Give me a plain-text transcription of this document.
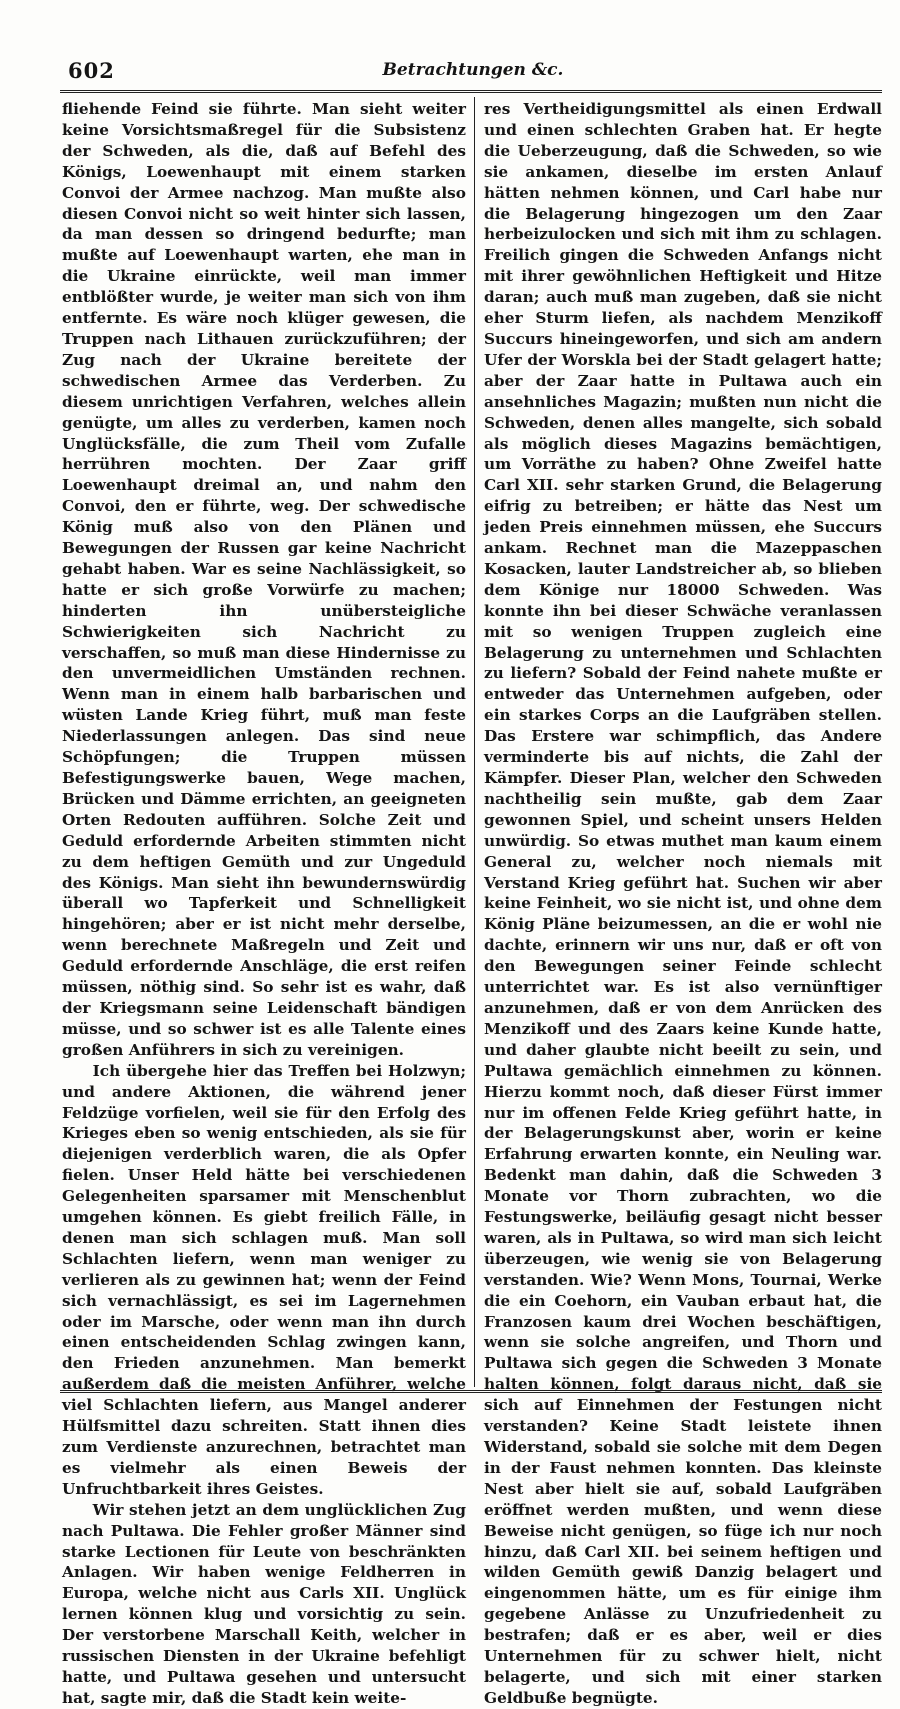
602	Betrachtungen &c.

fliehende Feind sie führte. Man sieht weiter keine Vorsichtsmaßregel für die Subsistenz der Schweden, als die, daß auf Befehl des Königs, Loewenhaupt mit einem starken Convoi der Armee nachzog. Man mußte also diesen Convoi nicht so weit hinter sich lassen, da man dessen so dringend bedurfte; man mußte auf Loewenhaupt warten, ehe man in die Ukraine einrückte, weil man immer entblößter wurde, je weiter man sich von ihm entfernte. Es wäre noch klüger gewesen, die Truppen nach Lithauen zurückzuführen; der Zug nach der Ukraine bereitete der schwedischen Armee das Verderben. Zu diesem unrichtigen Verfahren, welches allein genügte, um alles zu verderben, kamen noch Unglücksfälle, die zum Theil vom Zufalle herrühren mochten. Der Zaar griff Loewenhaupt dreimal an, und nahm den Convoi, den er führte, weg. Der schwedische König muß also von den Plänen und Bewegungen der Russen gar keine Nachricht gehabt haben. War es seine Nachlässigkeit, so hatte er sich große Vorwürfe zu machen; hinderten ihn unübersteigliche Schwierigkeiten sich Nachricht zu verschaffen, so muß man diese Hindernisse zu den unvermeidlichen Umständen rechnen. Wenn man in einem halb barbarischen und wüsten Lande Krieg führt, muß man feste Niederlassungen anlegen. Das sind neue Schöpfungen; die Truppen müssen Befestigungswerke bauen, Wege machen, Brücken und Dämme errichten, an geeigneten Orten Redouten aufführen. Solche Zeit und Geduld erfordernde Arbeiten stimmten nicht zu dem heftigen Gemüth und zur Ungeduld des Königs. Man sieht ihn bewundernswürdig überall wo Tapferkeit und Schnelligkeit hingehören; aber er ist nicht mehr derselbe, wenn berechnete Maßregeln und Zeit und Geduld erfordernde Anschläge, die erst reifen müssen, nöthig sind. So sehr ist es wahr, daß der Kriegsmann seine Leidenschaft bändigen müsse, und so schwer ist es alle Talente eines großen Anführers in sich zu vereinigen.

Ich übergehe hier das Treffen bei Holzwyn; und andere Aktionen, die während jener Feldzüge vorfielen, weil sie für den Erfolg des Krieges eben so wenig entschieden, als sie für diejenigen verderblich waren, die als Opfer fielen. Unser Held hätte bei verschiedenen Gelegenheiten sparsamer mit Menschenblut umgehen können. Es giebt freilich Fälle, in denen man sich schlagen muß. Man soll Schlachten liefern, wenn man weniger zu verlieren als zu gewinnen hat; wenn der Feind sich vernachlässigt, es sei im Lagernehmen oder im Marsche, oder wenn man ihn durch einen entscheidenden Schlag zwingen kann, den Frieden anzunehmen. Man bemerkt außerdem daß die meisten Anführer, welche viel Schlachten liefern, aus Mangel anderer Hülfsmittel dazu schreiten. Statt ihnen dies zum Verdienste anzurechnen, betrachtet man es vielmehr als einen Beweis der Unfruchtbarkeit ihres Geistes.

Wir stehen jetzt an dem unglücklichen Zug nach Pultawa. Die Fehler großer Männer sind starke Lectionen für Leute von beschränkten Anlagen. Wir haben wenige Feldherren in Europa, welche nicht aus Carls XII. Unglück lernen können klug und vorsichtig zu sein. Der verstorbene Marschall Keith, welcher in russischen Diensten in der Ukraine befehligt hatte, und Pultawa gesehen und untersucht hat, sagte mir, daß die Stadt kein weite-

res Vertheidigungsmittel als einen Erdwall und einen schlechten Graben hat. Er hegte die Ueberzeugung, daß die Schweden, so wie sie ankamen, dieselbe im ersten Anlauf hätten nehmen können, und Carl habe nur die Belagerung hingezogen um den Zaar herbeizulocken und sich mit ihm zu schlagen. Freilich gingen die Schweden Anfangs nicht mit ihrer gewöhnlichen Heftigkeit und Hitze daran; auch muß man zugeben, daß sie nicht eher Sturm liefen, als nachdem Menzikoff Succurs hineingeworfen, und sich am andern Ufer der Worskla bei der Stadt gelagert hatte; aber der Zaar hatte in Pultawa auch ein ansehnliches Magazin; mußten nun nicht die Schweden, denen alles mangelte, sich sobald als möglich dieses Magazins bemächtigen, um Vorräthe zu haben? Ohne Zweifel hatte Carl XII. sehr starken Grund, die Belagerung eifrig zu betreiben; er hätte das Nest um jeden Preis einnehmen müssen, ehe Succurs ankam. Rechnet man die Mazeppaschen Kosacken, lauter Landstreicher ab, so blieben dem Könige nur 18000 Schweden. Was konnte ihn bei dieser Schwäche veranlassen mit so wenigen Truppen zugleich eine Belagerung zu unternehmen und Schlachten zu liefern? Sobald der Feind nahete mußte er entweder das Unternehmen aufgeben, oder ein starkes Corps an die Laufgräben stellen. Das Erstere war schimpflich, das Andere verminderte bis auf nichts, die Zahl der Kämpfer. Dieser Plan, welcher den Schweden nachtheilig sein mußte, gab dem Zaar gewonnen Spiel, und scheint unsers Helden unwürdig. So etwas muthet man kaum einem General zu, welcher noch niemals mit Verstand Krieg geführt hat. Suchen wir aber keine Feinheit, wo sie nicht ist, und ohne dem König Pläne beizumessen, an die er wohl nie dachte, erinnern wir uns nur, daß er oft von den Bewegungen seiner Feinde schlecht unterrichtet war. Es ist also vernünftiger anzunehmen, daß er von dem Anrücken des Menzikoff und des Zaars keine Kunde hatte, und daher glaubte nicht beeilt zu sein, und Pultawa gemächlich einnehmen zu können. Hierzu kommt noch, daß dieser Fürst immer nur im offenen Felde Krieg geführt hatte, in der Belagerungskunst aber, worin er keine Erfahrung erwarten konnte, ein Neuling war. Bedenkt man dahin, daß die Schweden 3 Monate vor Thorn zubrachten, wo die Festungswerke, beiläufig gesagt nicht besser waren, als in Pultawa, so wird man sich leicht überzeugen, wie wenig sie von Belagerung verstanden. Wie? Wenn Mons, Tournai, Werke die ein Coehorn, ein Vauban erbaut hat, die Franzosen kaum drei Wochen beschäftigen, wenn sie solche angreifen, und Thorn und Pultawa sich gegen die Schweden 3 Monate halten können, folgt daraus nicht, daß sie sich auf Einnehmen der Festungen nicht verstanden? Keine Stadt leistete ihnen Widerstand, sobald sie solche mit dem Degen in der Faust nehmen konnten. Das kleinste Nest aber hielt sie auf, sobald Laufgräben eröffnet werden mußten, und wenn diese Beweise nicht genügen, so füge ich nur noch hinzu, daß Carl XII. bei seinem heftigen und wilden Gemüth gewiß Danzig belagert und eingenommen hätte, um es für einige ihm gegebene Anlässe zu Unzufriedenheit zu bestrafen; daß er es aber, weil er dies Unternehmen für zu schwer hielt, nicht belagerte, und sich mit einer starken Geldbuße begnügte.
